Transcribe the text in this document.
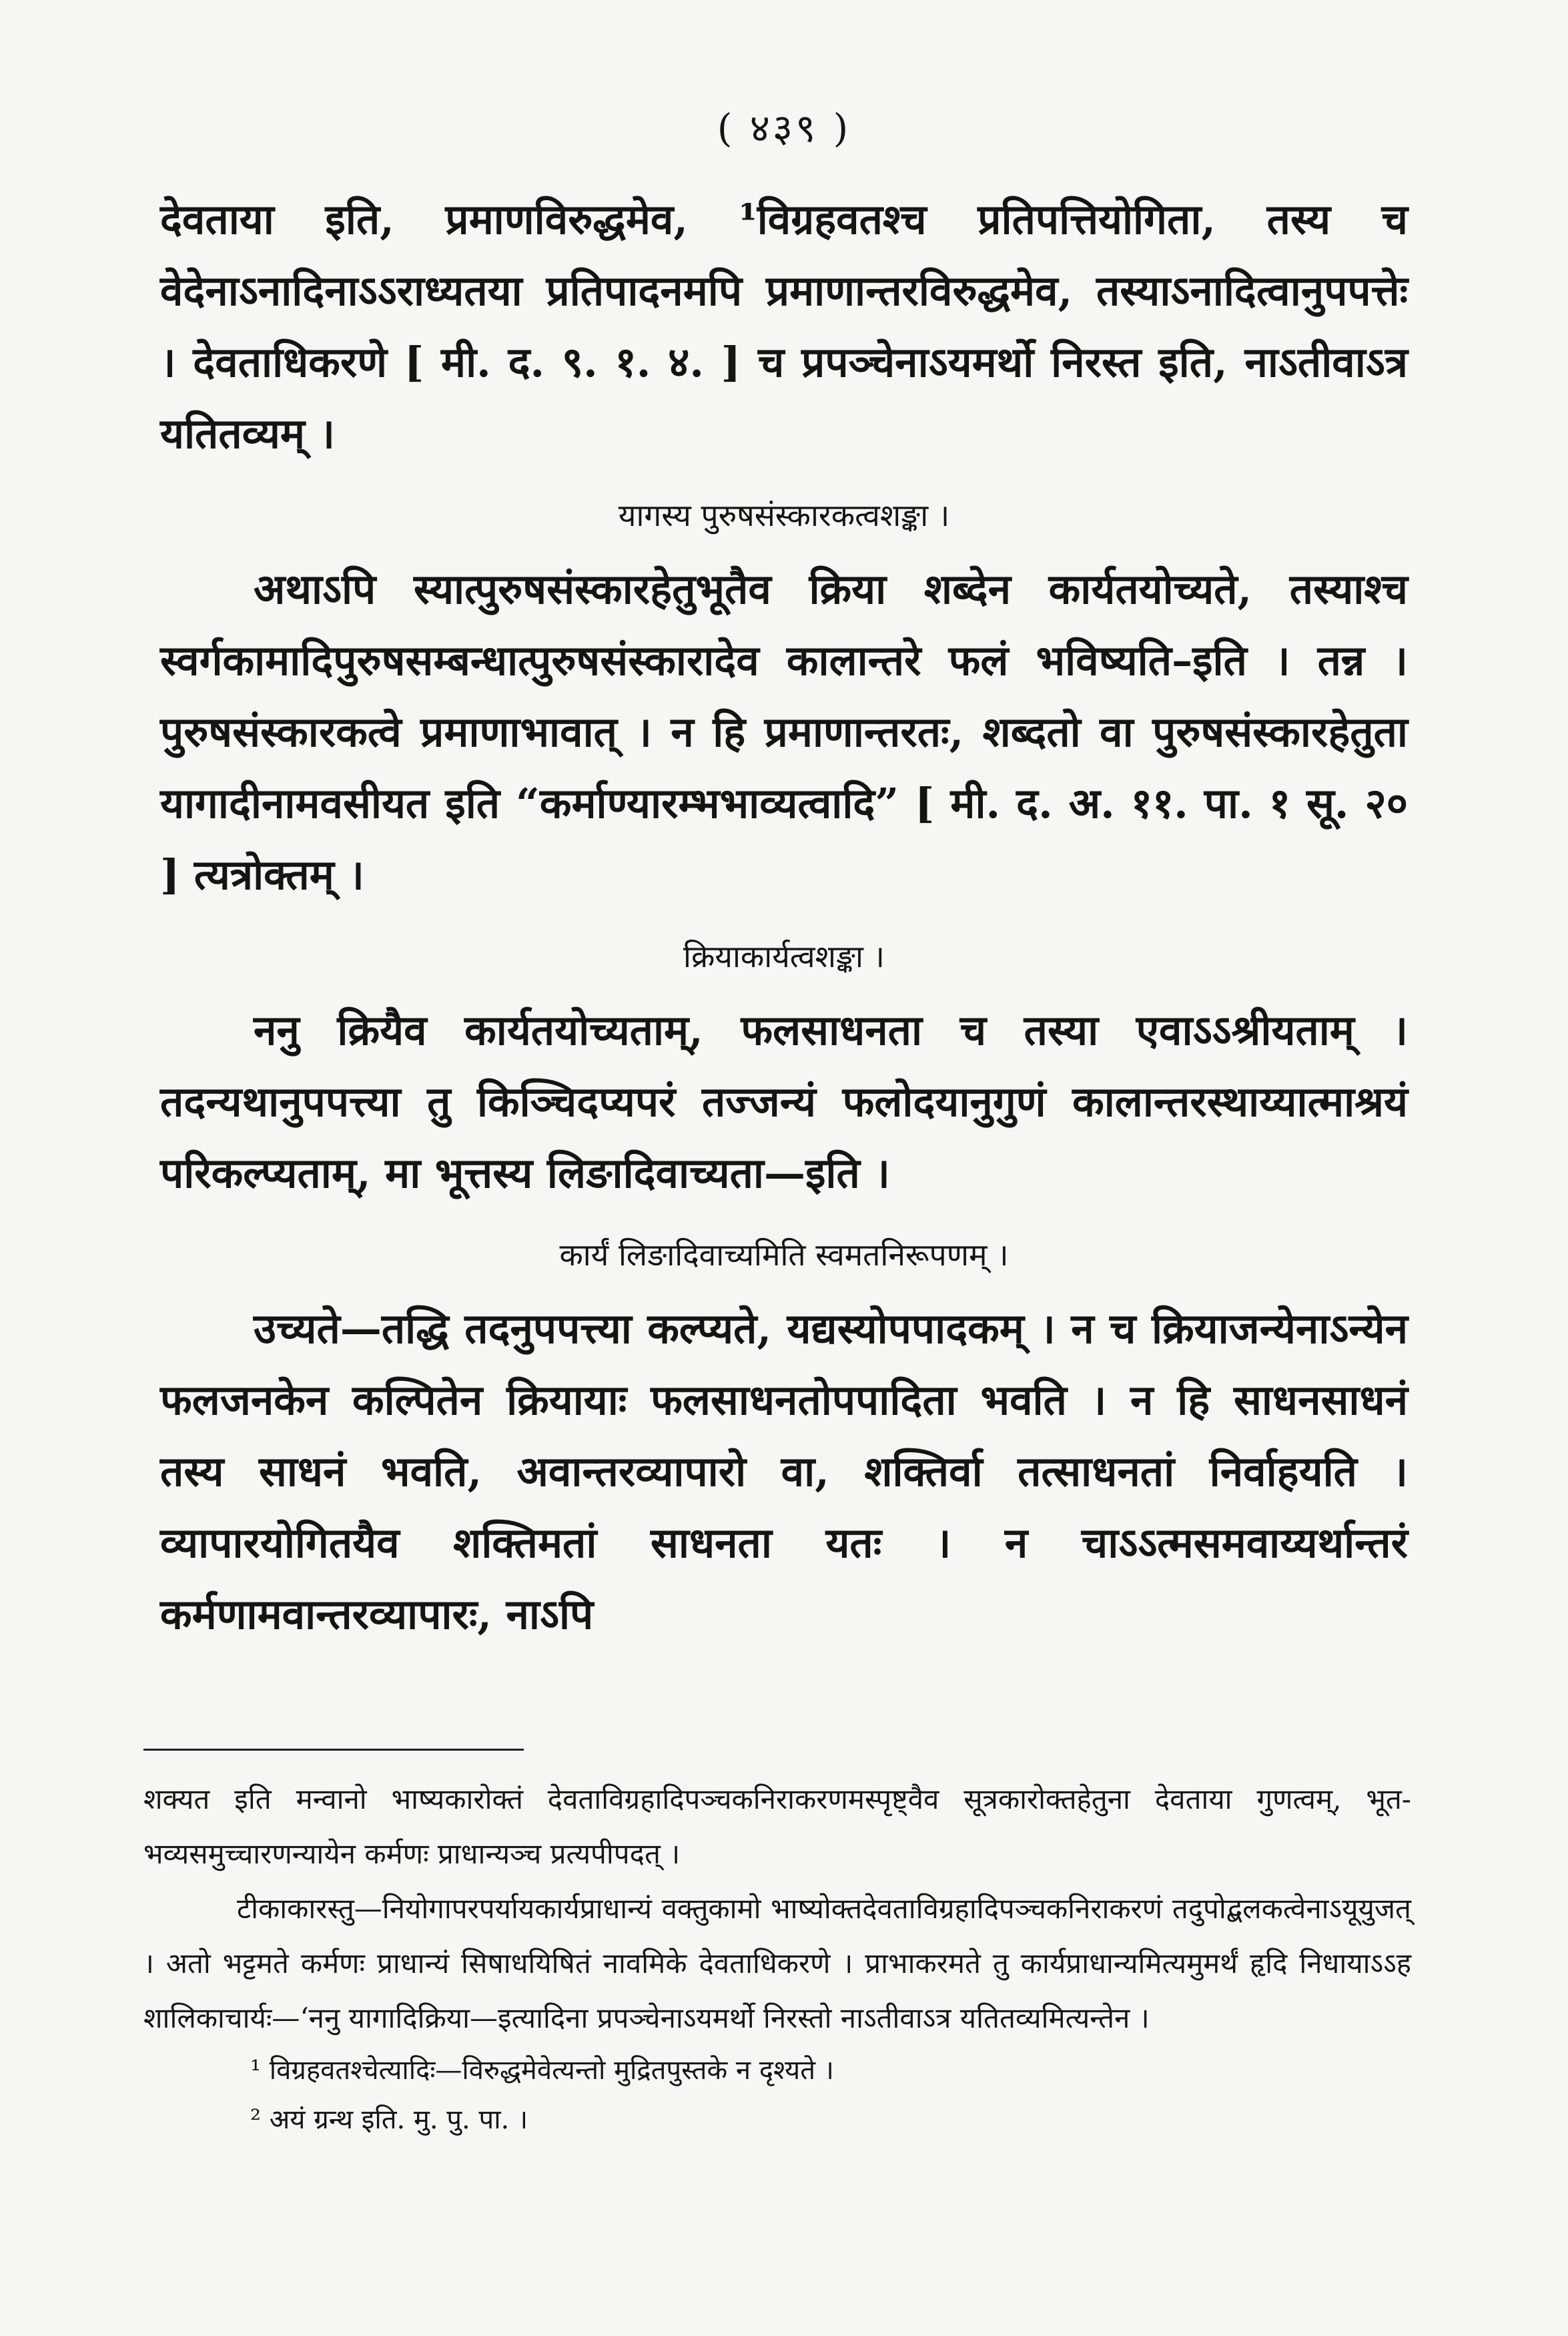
( ४३९ )

देवताया इति, प्रमाणविरुद्धमेव, ¹विग्रहवतश्च प्रतिपत्तियोगिता, तस्य च वेदेनाऽनादिनाऽऽराध्यतया प्रतिपादनमपि प्रमाणान्तरविरुद्धमेव, तस्याऽनादित्वानुपपत्तेः । देवताधिकरणे [ मी. द. ९. १. ४. ] च प्रपञ्चेनाऽयमर्थो निरस्त इति, नाऽतीवाऽत्र यतितव्यम् ।

यागस्य पुरुषसंस्कारकत्वशङ्का ।

अथाऽपि स्यात्पुरुषसंस्कारहेतुभूतैव क्रिया शब्देन कार्यतयोच्यते, तस्याश्च स्वर्गकामादिपुरुषसम्बन्धात्पुरुषसंस्कारादेव कालान्तरे फलं भविष्यति–इति । तन्न । पुरुषसंस्कारकत्वे प्रमाणाभावात् । न हि प्रमाणान्तरतः, शब्दतो वा पुरुषसंस्कारहेतुता यागादीनामवसीयत इति “कर्माण्यारम्भभाव्यत्वादि” [ मी. द. अ. ११. पा. १ सू. २० ] त्यत्रोक्तम् ।

क्रियाकार्यत्वशङ्का ।

ननु क्रियैव कार्यतयोच्यताम्, फलसाधनता च तस्या एवाऽऽश्रीयताम् । तदन्यथानुपपत्त्या तु किञ्चिदप्यपरं तज्जन्यं फलोदयानुगुणं कालान्तरस्थाय्यात्माश्रयं परिकल्प्यताम्, मा भूत्तस्य लिङादिवाच्यता—इति ।

कार्यं लिङादिवाच्यमिति स्वमतनिरूपणम् ।

उच्यते—तद्धि तदनुपपत्त्या कल्प्यते, यद्यस्योपपादकम् । न च क्रियाजन्येनाऽन्येन फलजनकेन कल्पितेन क्रियायाः फलसाधनतोपपादिता भवति । न हि साधनसाधनं तस्य साधनं भवति, अवान्तरव्यापारो वा, शक्तिर्वा तत्साधनतां निर्वाहयति । व्यापारयोगितयैव शक्तिमतां साधनता यतः । न चाऽऽत्मसमवाय्यर्थान्तरं कर्मणामवान्तरव्यापारः, नाऽपि

शक्यत इति मन्वानो भाष्यकारोक्तं देवताविग्रहादिपञ्चकनिराकरणमस्पृष्ट्वैव सूत्रकारोक्तहेतुना देवताया गुणत्वम्, भूत-भव्यसमुच्चारणन्यायेन कर्मणः प्राधान्यञ्च प्रत्यपीपदत् ।

टीकाकारस्तु—नियोगापरपर्यायकार्यप्राधान्यं वक्तुकामो भाष्योक्तदेवताविग्रहादिपञ्चकनिराकरणं तदुपोद्बलकत्वेनाऽयूयुजत् । अतो भट्टमते कर्मणः प्राधान्यं सिषाधयिषितं नावमिके देवताधिकरणे । प्राभाकरमते तु कार्यप्राधान्यमित्यमुमर्थं हृदि निधायाऽऽह शालिकाचार्यः—‘ननु यागादिक्रिया—इत्यादिना प्रपञ्चेनाऽयमर्थो निरस्तो नाऽतीवाऽत्र यतितव्यमित्यन्तेन ।

¹ विग्रहवतश्चेत्यादिः—विरुद्धमेवेत्यन्तो मुद्रितपुस्तके न दृश्यते ।

² अयं ग्रन्थ इति. मु. पु. पा. ।
